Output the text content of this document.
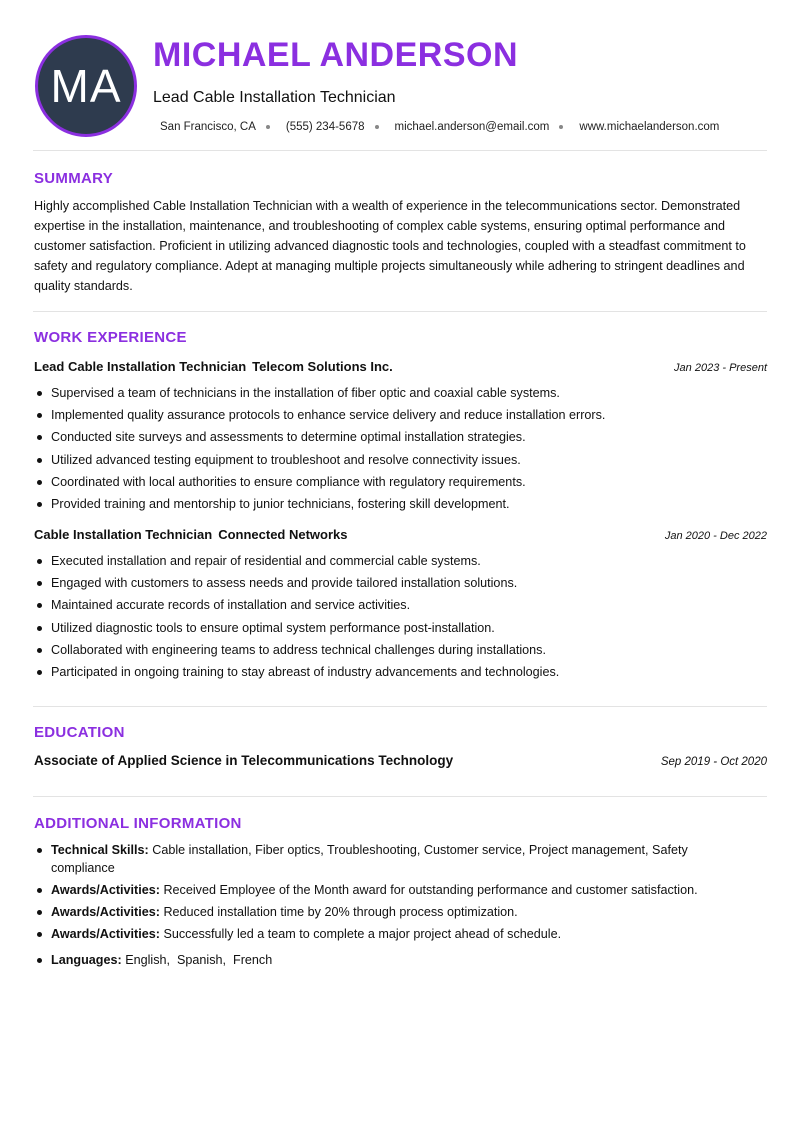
MA
MICHAEL ANDERSON
Lead Cable Installation Technician
San Francisco, CA	(555) 234-5678	michael.anderson@email.com	www.michaelanderson.com
SUMMARY

Highly accomplished Cable Installation Technician with a wealth of experience in the telecommunications sector. Demonstrated expertise in the installation, maintenance, and troubleshooting of complex cable systems, ensuring optimal performance and customer satisfaction. Proficient in utilizing advanced diagnostic tools and technologies, coupled with a steadfast commitment to safety and regulatory compliance. Adept at managing multiple projects simultaneously while adhering to stringent deadlines and quality standards.

WORK EXPERIENCE
Lead Cable Installation Technician Telecom Solutions Inc.	Jan 2023 - Present
Supervised a team of technicians in the installation of fiber optic and coaxial cable systems.
Implemented quality assurance protocols to enhance service delivery and reduce installation errors.
Conducted site surveys and assessments to determine optimal installation strategies.
Utilized advanced testing equipment to troubleshoot and resolve connectivity issues.
Coordinated with local authorities to ensure compliance with regulatory requirements.
Provided training and mentorship to junior technicians, fostering skill development.
Cable Installation Technician Connected Networks	Jan 2020 - Dec 2022
Executed installation and repair of residential and commercial cable systems.
Engaged with customers to assess needs and provide tailored installation solutions.
Maintained accurate records of installation and service activities.
Utilized diagnostic tools to ensure optimal system performance post-installation.
Collaborated with engineering teams to address technical challenges during installations.
Participated in ongoing training to stay abreast of industry advancements and technologies.
EDUCATION
Associate of Applied Science in Telecommunications Technology	Sep 2019 - Oct 2020
ADDITIONAL INFORMATION
Technical Skills: Cable installation, Fiber optics, Troubleshooting, Customer service, Project management, Safety compliance
Awards/Activities: Received Employee of the Month award for outstanding performance and customer satisfaction.
Awards/Activities: Reduced installation time by 20% through process optimization.
Awards/Activities: Successfully led a team to complete a major project ahead of schedule.
Languages: English ,  Spanish ,  French
